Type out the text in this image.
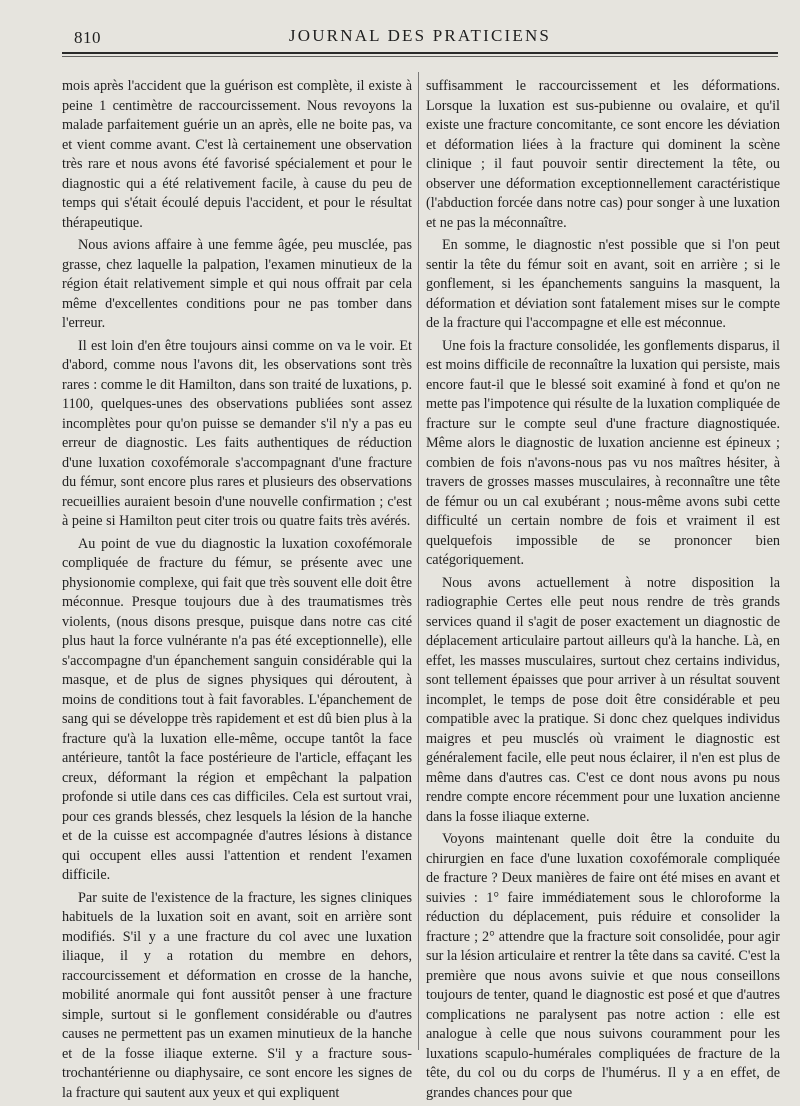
810	JOURNAL DES PRATICIENS

mois après l'accident que la guérison est complète, il existe à peine 1 centimètre de raccourcissement. Nous revoyons la malade parfaitement guérie un an après, elle ne boite pas, va et vient comme avant. C'est là certainement une observation très rare et nous avons été favorisé spécialement et pour le diagnostic qui a été relativement facile, à cause du peu de temps qui s'était écoulé depuis l'accident, et pour le résultat thérapeutique.

Nous avions affaire à une femme âgée, peu musclée, pas grasse, chez laquelle la palpation, l'examen minutieux de la région était relativement simple et qui nous offrait par cela même d'excellentes conditions pour ne pas tomber dans l'erreur.

Il est loin d'en être toujours ainsi comme on va le voir. Et d'abord, comme nous l'avons dit, les observations sont très rares : comme le dit Hamilton, dans son traité de luxations, p. 1100, quelques-unes des observations publiées sont assez incomplètes pour qu'on puisse se demander s'il n'y a pas eu erreur de diagnostic. Les faits authentiques de réduction d'une luxation coxofémorale s'accompagnant d'une fracture du fémur, sont encore plus rares et plusieurs des observations recueillies auraient besoin d'une nouvelle confirmation ; c'est à peine si Hamilton peut citer trois ou quatre faits très avérés.

Au point de vue du diagnostic la luxation coxofémorale compliquée de fracture du fémur, se présente avec une physionomie complexe, qui fait que très souvent elle doit être méconnue. Presque toujours due à des traumatismes très violents, (nous disons presque, puisque dans notre cas cité plus haut la force vulnérante n'a pas été exceptionnelle), elle s'accompagne d'un épanchement sanguin considérable qui la masque, et de plus de signes physiques qui déroutent, à moins de conditions tout à fait favorables. L'épanchement de sang qui se développe très rapidement et est dû bien plus à la fracture qu'à la luxation elle-même, occupe tantôt la face antérieure, tantôt la face postérieure de l'article, effaçant les creux, déformant la région et empêchant la palpation profonde si utile dans ces cas difficiles. Cela est surtout vrai, pour ces grands blessés, chez lesquels la lésion de la hanche et de la cuisse est accompagnée d'autres lésions à distance qui occupent elles aussi l'attention et rendent l'examen difficile.

Par suite de l'existence de la fracture, les signes cliniques habituels de la luxation soit en avant, soit en arrière sont modifiés. S'il y a une fracture du col avec une luxation iliaque, il y a rotation du membre en dehors, raccourcissement et déformation en crosse de la hanche, mobilité anormale qui font aussitôt penser à une fracture simple, surtout si le gonflement considérable ou d'autres causes ne permettent pas un examen minutieux de la hanche et de la fosse iliaque externe. S'il y a fracture sous-trochantérienne ou diaphysaire, ce sont encore les signes de la fracture qui sautent aux yeux et qui expliquent

suffisamment le raccourcissement et les déformations. Lorsque la luxation est sus-pubienne ou ovalaire, et qu'il existe une fracture concomitante, ce sont encore les déviation et déformation liées à la fracture qui dominent la scène clinique ; il faut pouvoir sentir directement la tête, ou observer une déformation exceptionnellement caractéristique (l'abduction forcée dans notre cas) pour songer à une luxation et ne pas la méconnaître.

En somme, le diagnostic n'est possible que si l'on peut sentir la tête du fémur soit en avant, soit en arrière ; si le gonflement, si les épanchements sanguins la masquent, la déformation et déviation sont fatalement mises sur le compte de la fracture qui l'accompagne et elle est méconnue.

Une fois la fracture consolidée, les gonflements disparus, il est moins difficile de reconnaître la luxation qui persiste, mais encore faut-il que le blessé soit examiné à fond et qu'on ne mette pas l'impotence qui résulte de la luxation compliquée de fracture sur le compte seul d'une fracture diagnostiquée. Même alors le diagnostic de luxation ancienne est épineux ; combien de fois n'avons-nous pas vu nos maîtres hésiter, à travers de grosses masses musculaires, à reconnaître une tête de fémur ou un cal exubérant ; nous-même avons subi cette difficulté un certain nombre de fois et vraiment il est quelquefois impossible de se prononcer bien catégoriquement.

Nous avons actuellement à notre disposition la radiographie Certes elle peut nous rendre de très grands services quand il s'agit de poser exactement un diagnostic de déplacement articulaire partout ailleurs qu'à la hanche. Là, en effet, les masses musculaires, surtout chez certains individus, sont tellement épaisses que pour arriver à un résultat souvent incomplet, le temps de pose doit être considérable et peu compatible avec la pratique. Si donc chez quelques individus maigres et peu musclés où vraiment le diagnostic est généralement facile, elle peut nous éclairer, il n'en est plus de même dans d'autres cas. C'est ce dont nous avons pu nous rendre compte encore récemment pour une luxation ancienne dans la fosse iliaque externe.

Voyons maintenant quelle doit être la conduite du chirurgien en face d'une luxation coxofémorale compliquée de fracture ? Deux manières de faire ont été mises en avant et suivies : 1° faire immédiatement sous le chloroforme la réduction du déplacement, puis réduire et consolider la fracture ; 2° attendre que la fracture soit consolidée, pour agir sur la lésion articulaire et rentrer la tête dans sa cavité. C'est la première que nous avons suivie et que nous conseillons toujours de tenter, quand le diagnostic est posé et que d'autres complications ne paralysent pas notre action : elle est analogue à celle que nous suivons couramment pour les luxations scapulo-humérales compliquées de fracture de la tête, du col ou du corps de l'humérus. Il y a en effet, de grandes chances pour que
